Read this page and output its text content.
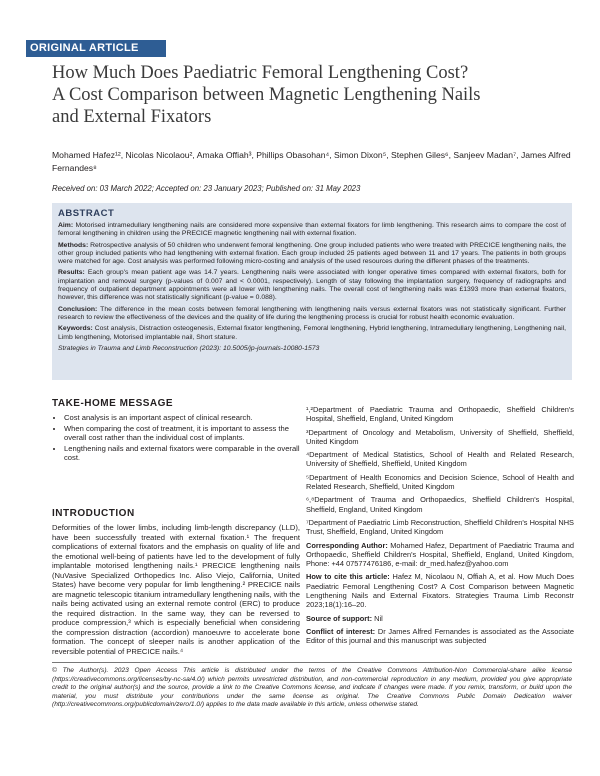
ORIGINAL ARTICLE
How Much Does Paediatric Femoral Lengthening Cost?
A Cost Comparison between Magnetic Lengthening Nails
and External Fixators
Mohamed Hafez¹², Nicolas Nicolaou², Amaka Offiah³, Phillips Obasohan⁴, Simon Dixon⁵, Stephen Giles⁶, Sanjeev Madan⁷, James Alfred Fernandes⁸
Received on: 03 March 2022; Accepted on: 23 January 2023; Published on: 31 May 2023
ABSTRACT

Aim: Motorised intramedullary lengthening nails are considered more expensive than external fixators for limb lengthening. This research aims to compare the cost of femoral lengthening in children using the PRECICE magnetic lengthening nail with external fixation.

Methods: Retrospective analysis of 50 children who underwent femoral lengthening. One group included patients who were treated with PRECICE lengthening nails, the other group included patients who had lengthening with external fixation. Each group included 25 patients aged between 11 and 17 years. The patients in both groups were matched for age. Cost analysis was performed following micro-costing and analysis of the used resources during the different phases of the treatments.

Results: Each group's mean patient age was 14.7 years. Lengthening nails were associated with longer operative times compared with external fixators, both for implantation and removal surgery (p-values of 0.007 and < 0.0001, respectively). Length of stay following the implantation surgery, frequency of radiographs and frequency of outpatient department appointments were all lower with lengthening nails. The overall cost of lengthening nails was £1393 more than external fixators, however, this difference was not statistically significant (p-value = 0.088).

Conclusion: The difference in the mean costs between femoral lengthening with lengthening nails versus external fixators was not statistically significant. Further research to review the effectiveness of the devices and the quality of life during the lengthening process is crucial for robust health economic evaluation.

Keywords: Cost analysis, Distraction osteogenesis, External fixator lengthening, Femoral lengthening, Hybrid lengthening, Intramedullary lengthening, Lengthening nail, Limb lengthening, Motorised implantable nail, Short stature.

Strategies in Trauma and Limb Reconstruction (2023): 10.5005/jp-journals-10080-1573
TAKE-HOME MESSAGE
• Cost analysis is an important aspect of clinical research.
• When comparing the cost of treatment, it is important to assess the overall cost rather than the individual cost of implants.
• Lengthening nails and external fixators were comparable in the overall cost.
INTRODUCTION

Deformities of the lower limbs, including limb-length discrepancy (LLD), have been successfully treated with external fixation.¹ The frequent complications of external fixators and the emphasis on quality of life and the emotional well-being of patients have led to the development of fully implantable motorised lengthening nails.¹ PRECICE lengthening nails (NuVasive Specialized Orthopedics Inc. Aliso Viejo, California, United States) have become very popular for limb lengthening.² PRECICE nails are magnetic telescopic titanium intramedullary lengthening nails, with the nails being activated using an external remote control (ERC) to produce the required distraction. In the same way, they can be reversed to produce compression,³ which is especially beneficial when considering the compression distraction (accordion) manoeuvre to accelerate bone formation. The concept of sleeper nails is another application of the reversible potential of PRECICE nails.⁴

¹,²Department of Paediatric Trauma and Orthopaedic, Sheffield Children's Hospital, Sheffield, England, United Kingdom

³Department of Oncology and Metabolism, University of Sheffield, Sheffield, United Kingdom

⁴Department of Medical Statistics, School of Health and Related Research, University of Sheffield, Sheffield, United Kingdom

⁵Department of Health Economics and Decision Science, School of Health and Related Research, Sheffield, United Kingdom

⁶,⁸Department of Trauma and Orthopaedics, Sheffield Children's Hospital, Sheffield, England, United Kingdom

⁷Department of Paediatric Limb Reconstruction, Sheffield Children's Hospital NHS Trust, Sheffield, England, United Kingdom

Corresponding Author: Mohamed Hafez, Department of Paediatric Trauma and Orthopaedic, Sheffield Children's Hospital, Sheffield, England, United Kingdom, Phone: +44 07577476186, e-mail: dr_med.hafez@yahoo.com

How to cite this article: Hafez M, Nicolaou N, Offiah A, et al. How Much Does Paediatric Femoral Lengthening Cost? A Cost Comparison between Magnetic Lengthening Nails and External Fixators. Strategies Trauma Limb Reconstr 2023;18(1):16–20.

Source of support: Nil

Conflict of interest: Dr James Alfred Fernandes is associated as the Associate Editor of this journal and this manuscript was subjected

© The Author(s). 2023 Open Access This article is distributed under the terms of the Creative Commons Attribution-Non Commercial-share alike license (https://creativecommons.org/licenses/by-nc-sa/4.0/) which permits unrestricted distribution, and non-commercial reproduction in any medium, provided you give appropriate credit to the original author(s) and the source, provide a link to the Creative Commons license, and indicate if changes were made. If you remix, transform, or build upon the material, you must distribute your contributions under the same license as original. The Creative Commons Public Domain Dedication waiver (http://creativecommons.org/publicdomain/zero/1.0/) applies to the data made available in this article, unless otherwise stated.
